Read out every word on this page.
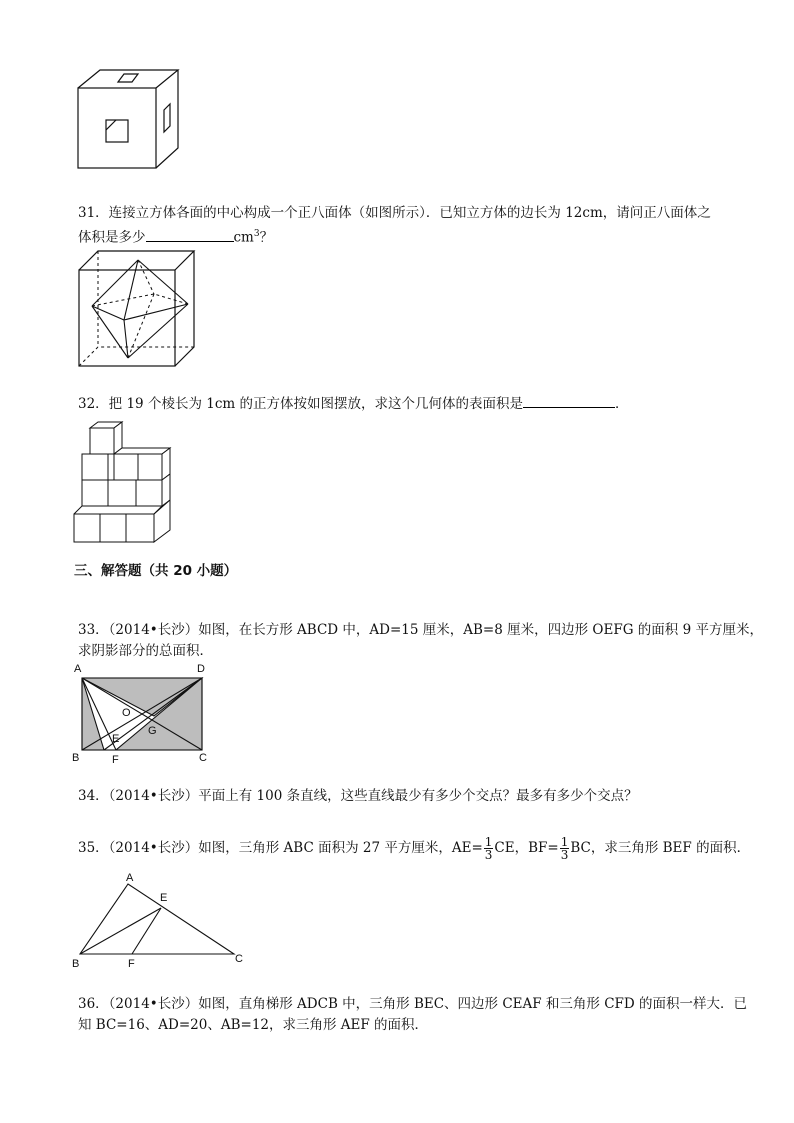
31．连接立方体各面的中心构成一个正八面体（如图所示）．已知立方体的边长为 12cm，请问正八面体之
体积是多少	$cm^3$？
32．把 19 个棱长为 1cm 的正方体按如图摆放，求这个几何体的表面积是	．
三、解答题（共 20 小题）
33．（2014•长沙）如图，在长方形 ABCD 中，AD=15 厘米，AB=8 厘米，四边形 OEFG 的面积 9 平方厘米，
求阴影部分的总面积．
A	D
O
G
E
B	F	C
34．（2014•长沙）平面上有 100 条直线，这些直线最少有多少个交点？最多有多少个交点？
35．（2014•长沙）如图，三角形 ABC 面积为 27 平方厘米，$AE= \frac{1}{3}$ CE，$BF= \frac{1}{3}$ BC，求三角形 BEF 的面积．
A
E
B	F	C
36．（2014•长沙）如图，直角梯形 ADCB 中，三角形 BEC、四边形 CEAF 和三角形 CFD 的面积一样大．已
知 BC=16、AD=20、AB=12，求三角形 AEF 的面积．
